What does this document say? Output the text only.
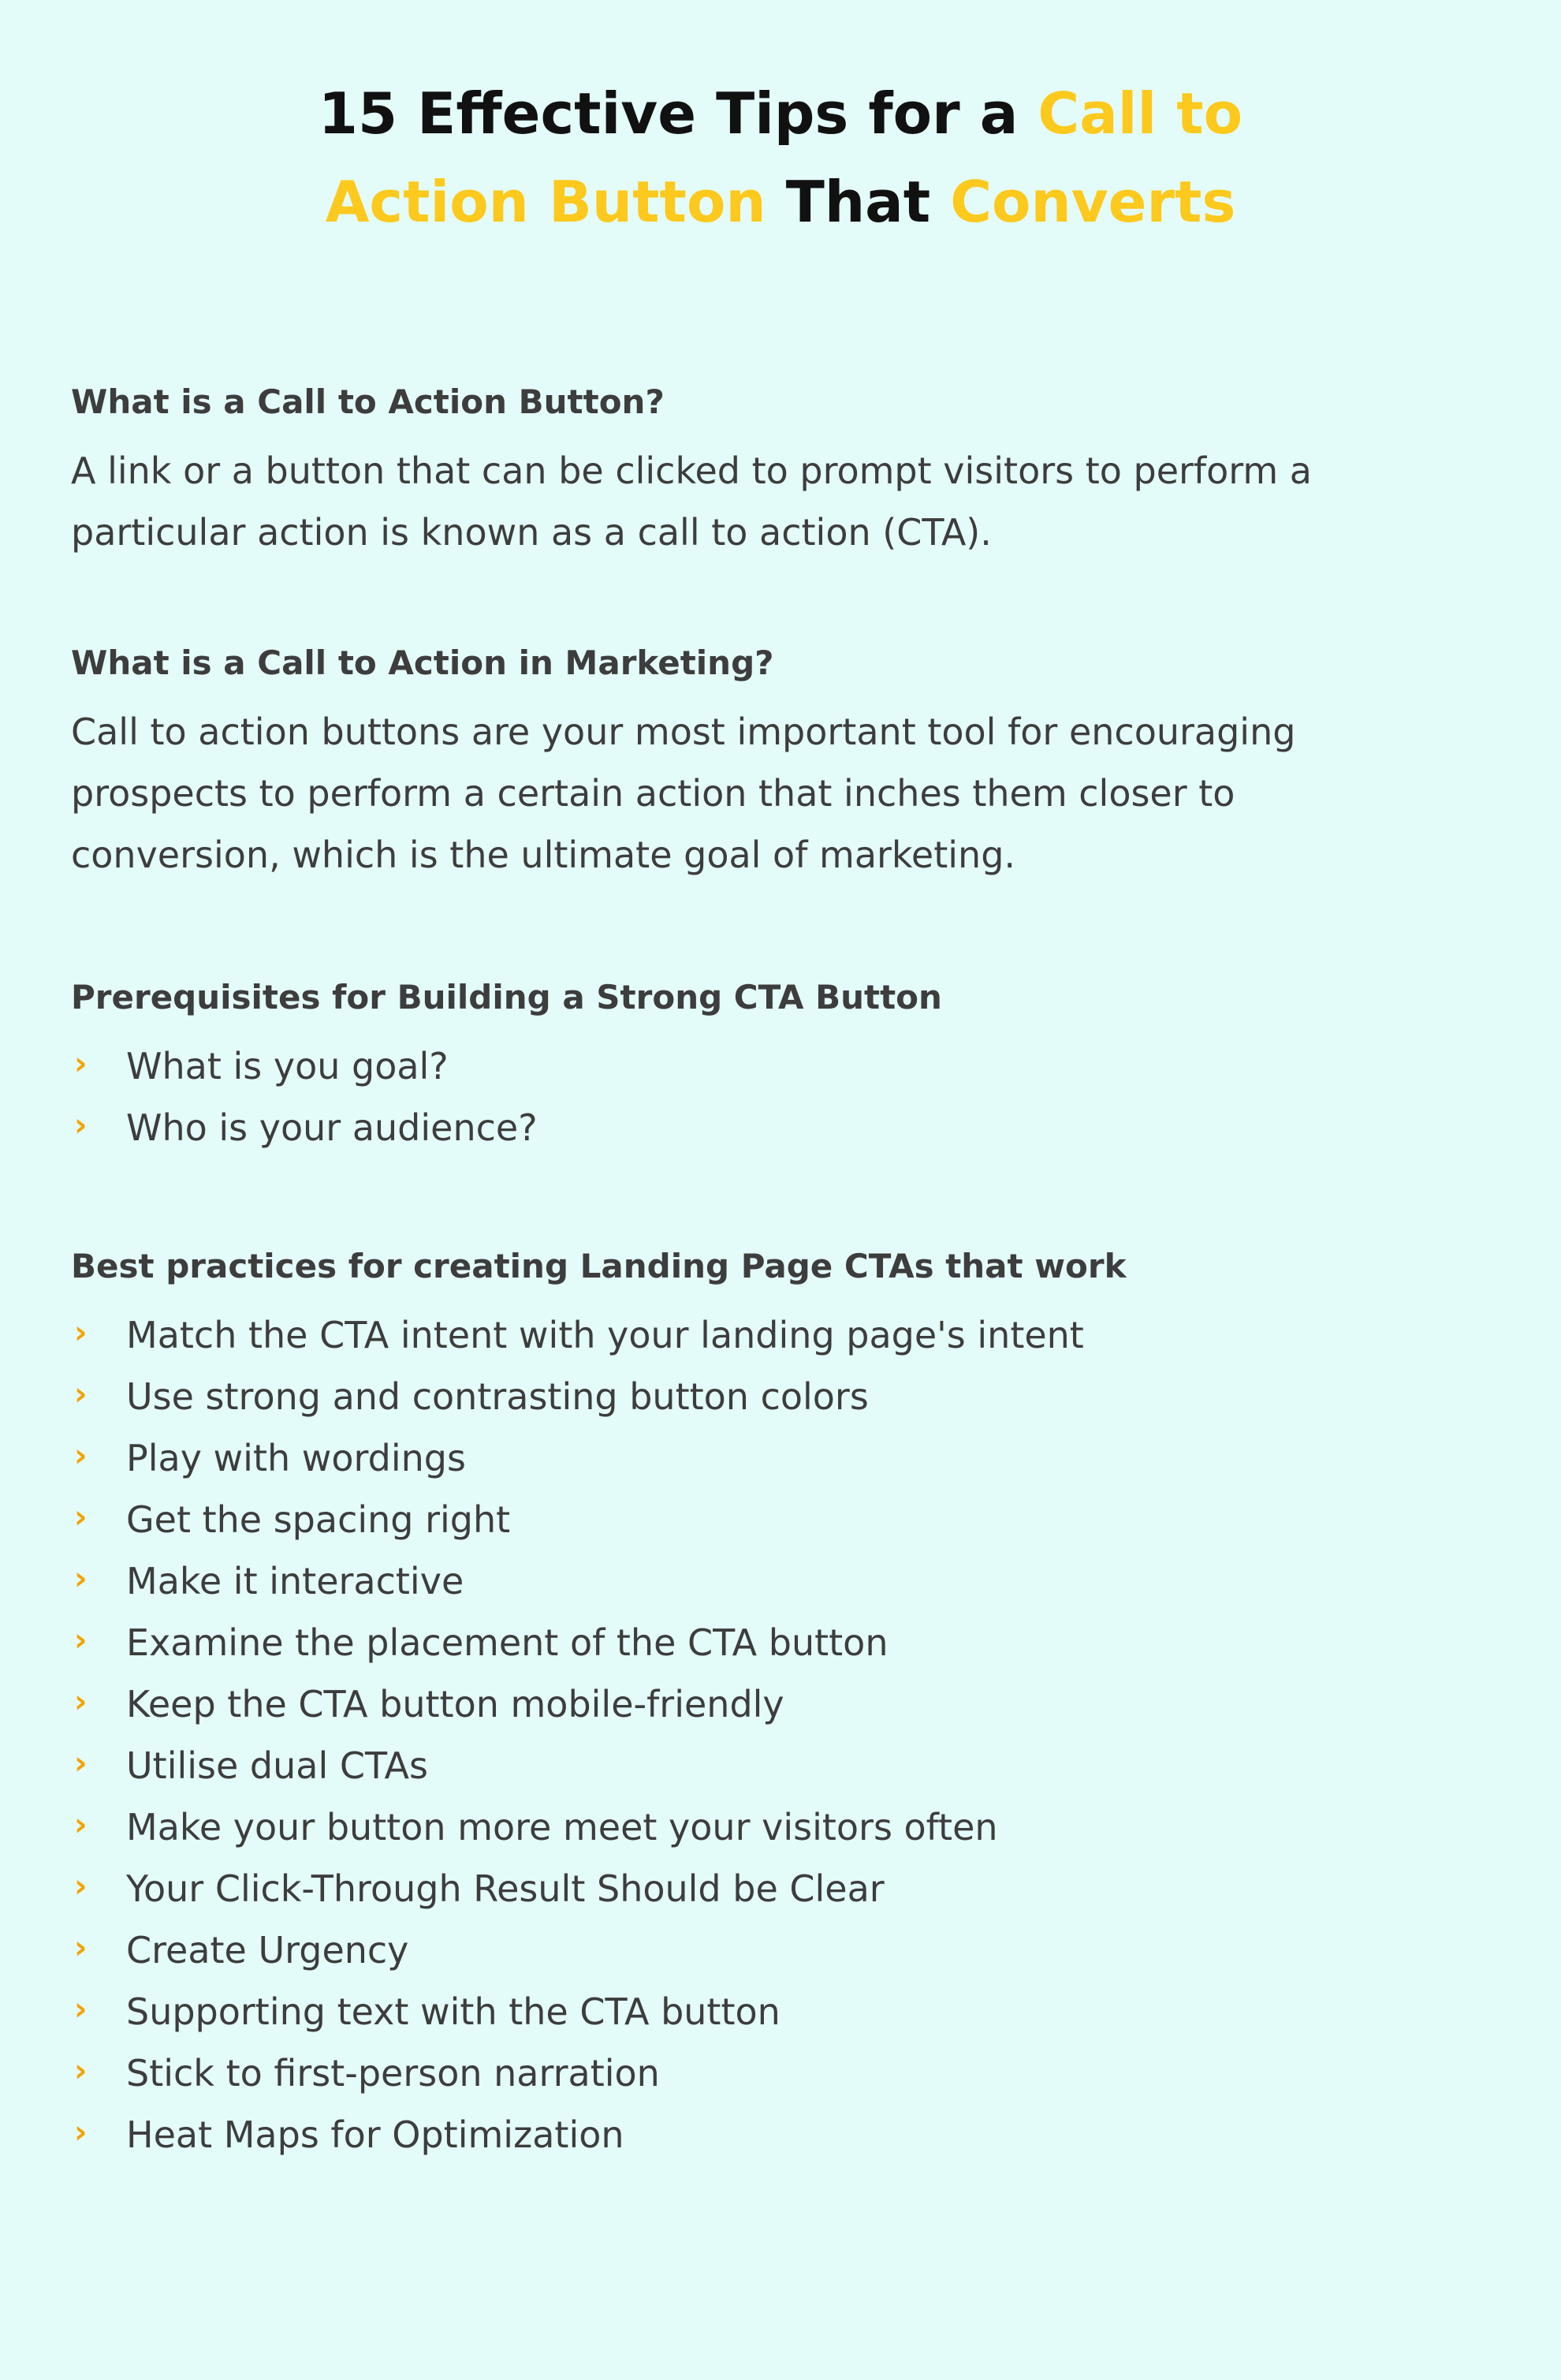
15 Effective Tips for a Call to
Action Button That Converts
What is a Call to Action Button?

A link or a button that can be clicked to prompt visitors to perform a
particular action is known as a call to action (CTA).

What is a Call to Action in Marketing?

Call to action buttons are your most important tool for encouraging
prospects to perform a certain action that inches them closer to
conversion, which is the ultimate goal of marketing.

Prerequisites for Building a Strong CTA Button
› What is you goal?
› Who is your audience?
Best practices for creating Landing Page CTAs that work
› Match the CTA intent with your landing page's intent
› Use strong and contrasting button colors
› Play with wordings
› Get the spacing right
› Make it interactive
› Examine the placement of the CTA button
› Keep the CTA button mobile-friendly
› Utilise dual CTAs
› Make your button more meet your visitors often
› Your Click-Through Result Should be Clear
› Create Urgency
› Supporting text with the CTA button
› Stick to first-person narration
› Heat Maps for Optimization
